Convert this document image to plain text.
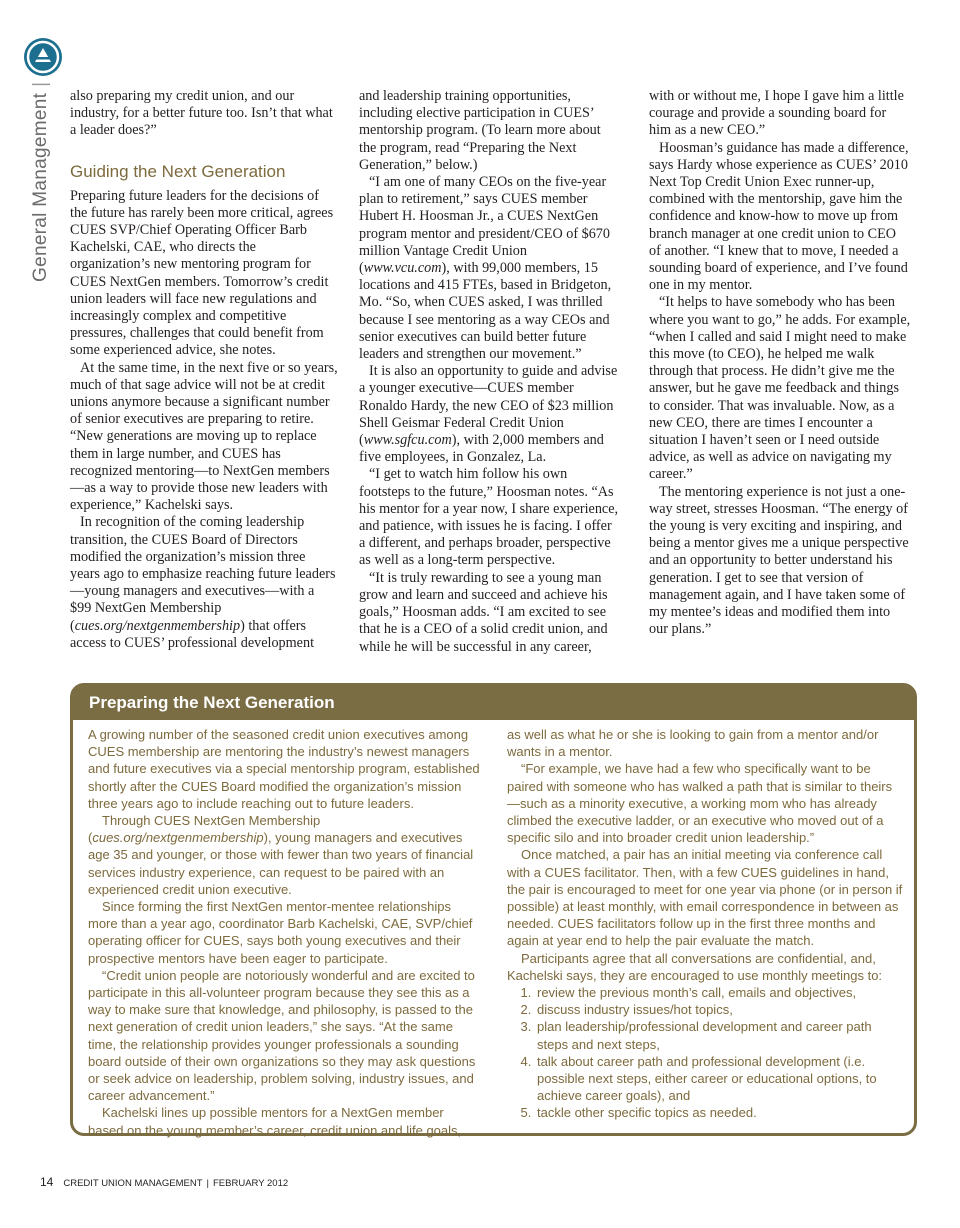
General Management|

also preparing my credit union, and our industry, for a better future too. Isn’t that what a leader does?”

Guiding the Next Generation

Preparing future leaders for the decisions of the future has rarely been more critical, agrees CUES SVP/Chief Operating Officer Barb Kachelski, CAE, who directs the organization’s new mentoring program for CUES NextGen members. Tomorrow’s credit union leaders will face new regulations and increasingly complex and competitive pressures, challenges that could benefit from some experienced advice, she notes.

At the same time, in the next five or so years, much of that sage advice will not be at credit unions anymore because a significant number of senior executives are preparing to retire. “New generations are moving up to replace them in large number, and CUES has recognized mentoring—to NextGen members—as a way to provide those new leaders with experience,” Kachelski says.

In recognition of the coming leadership transition, the CUES Board of Directors modified the organization’s mission three years ago to emphasize reaching future leaders—young managers and executives—with a $99 NextGen Membership (cues.org/nextgenmembership) that offers access to CUES’ professional development

and leadership training opportunities, including elective participation in CUES’ mentorship program. (To learn more about the program, read “Preparing the Next Generation,” below.)

“I am one of many CEOs on the five-year plan to retirement,” says CUES member Hubert H. Hoosman Jr., a CUES NextGen program mentor and president/CEO of $670 million Vantage Credit Union (www.vcu.com), with 99,000 members, 15 locations and 415 FTEs, based in Bridgeton, Mo. “So, when CUES asked, I was thrilled because I see mentoring as a way CEOs and senior executives can build better future leaders and strengthen our movement.”

It is also an opportunity to guide and advise a younger executive—CUES member Ronaldo Hardy, the new CEO of $23 million Shell Geismar Federal Credit Union (www.sgfcu.com), with 2,000 members and five employees, in Gonzalez, La.

“I get to watch him follow his own footsteps to the future,” Hoosman notes. “As his mentor for a year now, I share experience, and patience, with issues he is facing. I offer a different, and perhaps broader, perspective as well as a long-term perspective.

“It is truly rewarding to see a young man grow and learn and succeed and achieve his goals,” Hoosman adds. “I am excited to see that he is a CEO of a solid credit union, and while he will be successful in any career,

with or without me, I hope I gave him a little courage and provide a sounding board for him as a new CEO.”

Hoosman’s guidance has made a difference, says Hardy whose experience as CUES’ 2010 Next Top Credit Union Exec runner-up, combined with the mentorship, gave him the confidence and know-how to move up from branch manager at one credit union to CEO of another. “I knew that to move, I needed a sounding board of experience, and I’ve found one in my mentor.

“It helps to have somebody who has been where you want to go,” he adds. For example, “when I called and said I might need to make this move (to CEO), he helped me walk through that process. He didn’t give me the answer, but he gave me feedback and things to consider. That was invaluable. Now, as a new CEO, there are times I encounter a situation I haven’t seen or I need outside advice, as well as advice on navigating my career.”

The mentoring experience is not just a one-way street, stresses Hoosman. “The energy of the young is very exciting and inspiring, and being a mentor gives me a unique perspective and an opportunity to better understand his generation. I get to see that version of management again, and I have taken some of my mentee’s ideas and modified them into our plans.”

Preparing the Next Generation

A growing number of the seasoned credit union executives among CUES membership are mentoring the industry’s newest managers and future executives via a special mentorship program, established shortly after the CUES Board modified the organization’s mission three years ago to include reaching out to future leaders.

Through CUES NextGen Membership (cues.org/nextgenmembership), young managers and executives age 35 and younger, or those with fewer than two years of financial services industry experience, can request to be paired with an experienced credit union executive.

Since forming the first NextGen mentor-mentee relationships more than a year ago, coordinator Barb Kachelski, CAE, SVP/chief operating officer for CUES, says both young executives and their prospective mentors have been eager to participate.

“Credit union people are notoriously wonderful and are excited to participate in this all-volunteer program because they see this as a way to make sure that knowledge, and philosophy, is passed to the next generation of credit union leaders,” she says. “At the same time, the relationship provides younger professionals a sounding board outside of their own organizations so they may ask questions or seek advice on leadership, problem solving, industry issues, and career advancement.”

Kachelski lines up possible mentors for a NextGen member based on the young member’s career, credit union and life goals,

as well as what he or she is looking to gain from a mentor and/or wants in a mentor.

“For example, we have had a few who specifically want to be paired with someone who has walked a path that is similar to theirs—such as a minority executive, a working mom who has already climbed the executive ladder, or an executive who moved out of a specific silo and into broader credit union leadership.”

Once matched, a pair has an initial meeting via conference call with a CUES facilitator. Then, with a few CUES guidelines in hand, the pair is encouraged to meet for one year via phone (or in person if possible) at least monthly, with email correspondence in between as needed. CUES facilitators follow up in the first three months and again at year end to help the pair evaluate the match.

Participants agree that all conversations are confidential, and, Kachelski says, they are encouraged to use monthly meetings to:

1. review the previous month’s call, emails and objectives,
2. discuss industry issues/hot topics,
3. plan leadership/professional development and career path steps and next steps,
4. talk about career path and professional development (i.e. possible next steps, either career or educational options, to achieve career goals), and
5. tackle other specific topics as needed.
14 CREDIT UNION MANAGEMENT | FEBRUARY 2012
